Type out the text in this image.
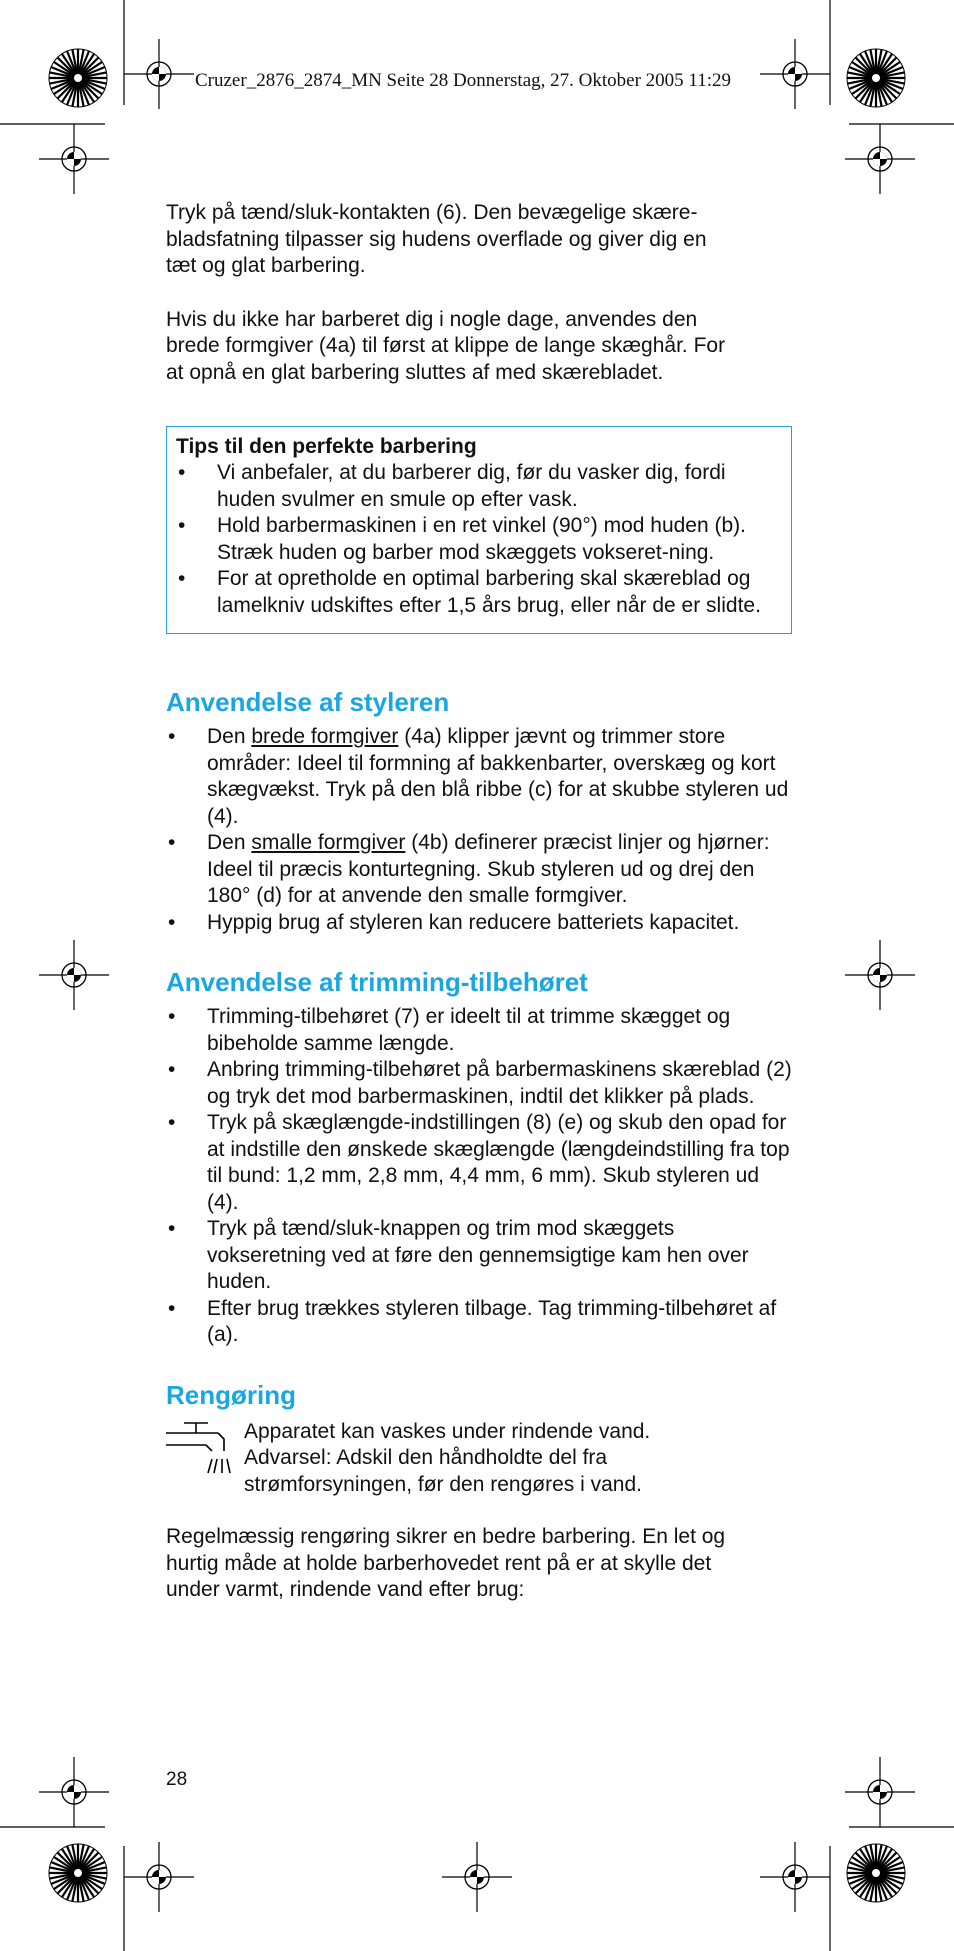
Cruzer_2876_2874_MN Seite 28 Donnerstag, 27. Oktober 2005 11:29

Tryk på tænd/sluk-kontakten (6). Den bevægelige skære-
bladsfatning tilpasser sig hudens overflade og giver dig en
tæt og glat barbering.

Hvis du ikke har barberet dig i nogle dage, anvendes den
brede formgiver (4a) til først at klippe de lange skæghår. For
at opnå en glat barbering sluttes af med skærebladet.

Tips til den perfekte barbering
• Vi anbefaler, at du barberer dig, før du vasker dig, fordi huden svulmer en smule op efter vask.
• Hold barbermaskinen i en ret vinkel (90°) mod huden (b). Stræk huden og barber mod skæggets vokseret-ning.
• For at opretholde en optimal barbering skal skæreblad og lamelkniv udskiftes efter 1,5 års brug, eller når de er slidte.
Anvendelse af styleren
• Den brede formgiver (4a) klipper jævnt og trimmer store områder: Ideel til formning af bakkenbarter, overskæg og kort skægvækst. Tryk på den blå ribbe (c) for at skubbe styleren ud (4).
• Den smalle formgiver (4b) definerer præcist linjer og hjørner: Ideel til præcis konturtegning. Skub styleren ud og drej den 180° (d) for at anvende den smalle formgiver.
• Hyppig brug af styleren kan reducere batteriets kapacitet.
Anvendelse af trimming-tilbehøret
• Trimming-tilbehøret (7) er ideelt til at trimme skægget og bibeholde samme længde.
• Anbring trimming-tilbehøret på barbermaskinens skæreblad (2) og tryk det mod barbermaskinen, indtil det klikker på plads.
• Tryk på skæglængde-indstillingen (8) (e) og skub den opad for at indstille den ønskede skæglængde (længdeindstilling fra top til bund: 1,2 mm, 2,8 mm, 4,4 mm, 6 mm). Skub styleren ud (4).
• Tryk på tænd/sluk-knappen og trim mod skæggets vokseretning ved at føre den gennemsigtige kam hen over huden.
• Efter brug trækkes styleren tilbage. Tag trimming-tilbehøret af (a).
Rengøring
Apparatet kan vaskes under rindende vand.
Advarsel: Adskil den håndholdte del fra
strømforsyningen, før den rengøres i vand.

Regelmæssig rengøring sikrer en bedre barbering. En let og
hurtig måde at holde barberhovedet rent på er at skylle det
under varmt, rindende vand efter brug:

28
